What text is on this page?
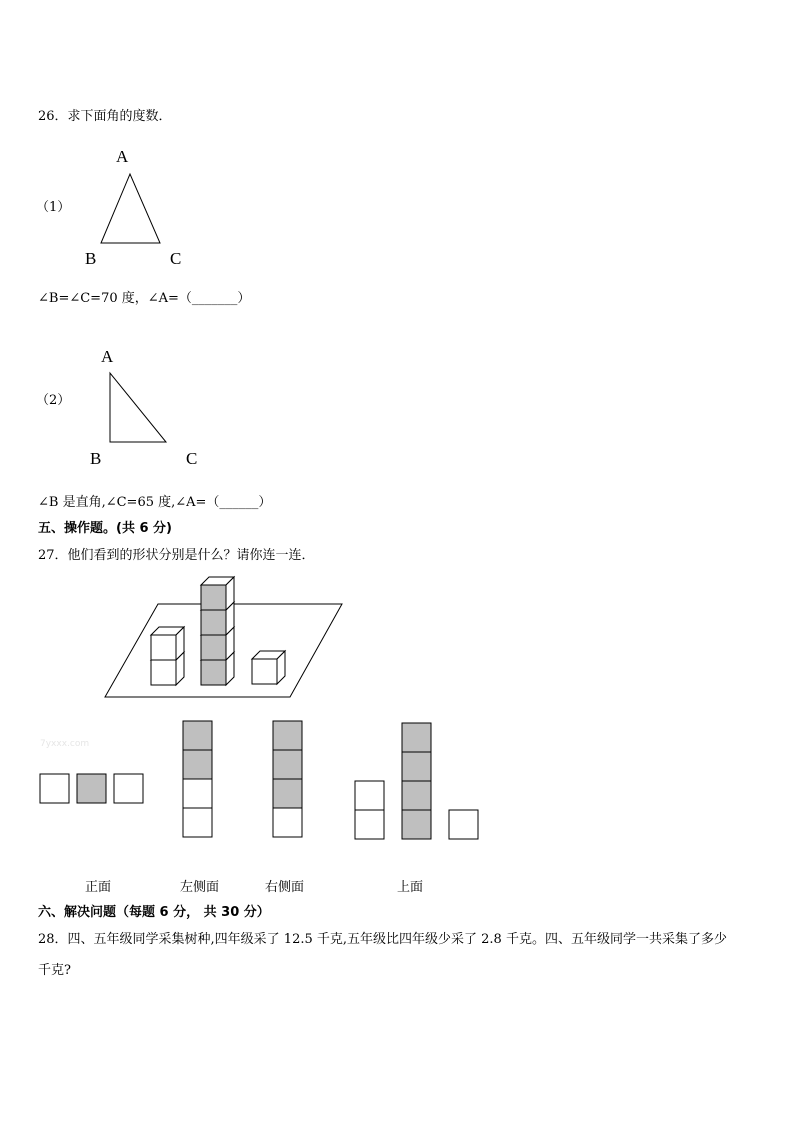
26．求下面角的度数．
A
（1）
B	C
∠B=∠C=70 度，∠A=（_______）
A
（2）
B	C
∠B 是直角,∠C=65 度,∠A=（______）
五、操作题。(共 6 分)
27．他们看到的形状分别是什么？请你连一连．
7yxxx.com
正面	左侧面	右侧面	上面
六、解决问题（每题 6 分， 共 30 分）
28．四、五年级同学采集树种,四年级采了 12.5 千克,五年级比四年级少采了 2.8 千克。四、五年级同学一共采集了多少
千克?
